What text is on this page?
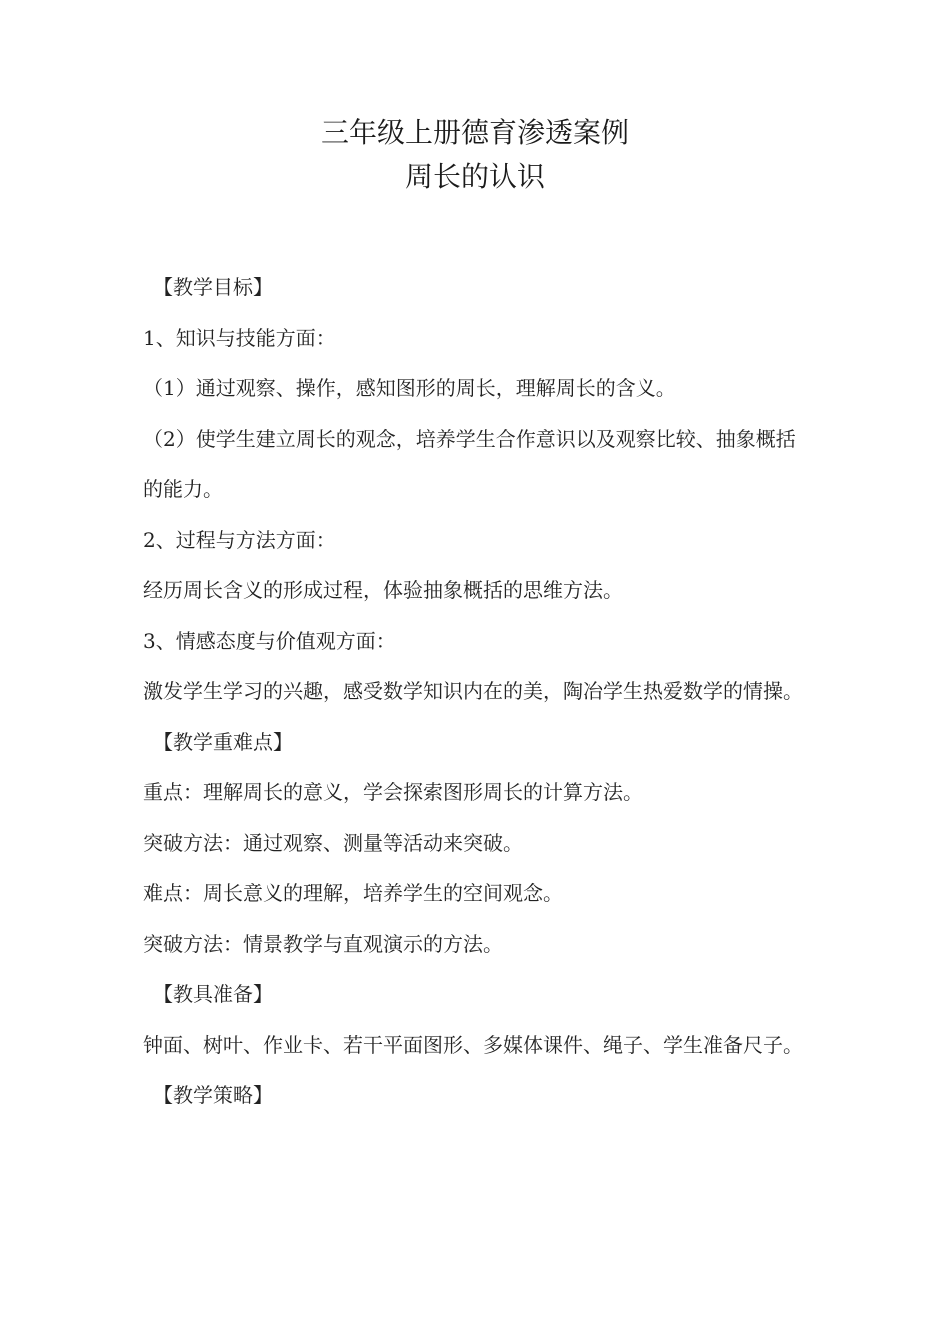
三年级上册德育渗透案例
周长的认识
【教学目标】
1、知识与技能方面：
（1）通过观察、操作，感知图形的周长，理解周长的含义。
（2）使学生建立周长的观念，培养学生合作意识以及观察比较、抽象概括的能力。
2、过程与方法方面：
经历周长含义的形成过程，体验抽象概括的思维方法。
3、情感态度与价值观方面：
激发学生学习的兴趣，感受数学知识内在的美，陶冶学生热爱数学的情操。
【教学重难点】
重点：理解周长的意义，学会探索图形周长的计算方法。
突破方法：通过观察、测量等活动来突破。
难点：周长意义的理解，培养学生的空间观念。
突破方法：情景教学与直观演示的方法。
【教具准备】
钟面、树叶、作业卡、若干平面图形、多媒体课件、绳子、学生准备尺子。
【教学策略】
